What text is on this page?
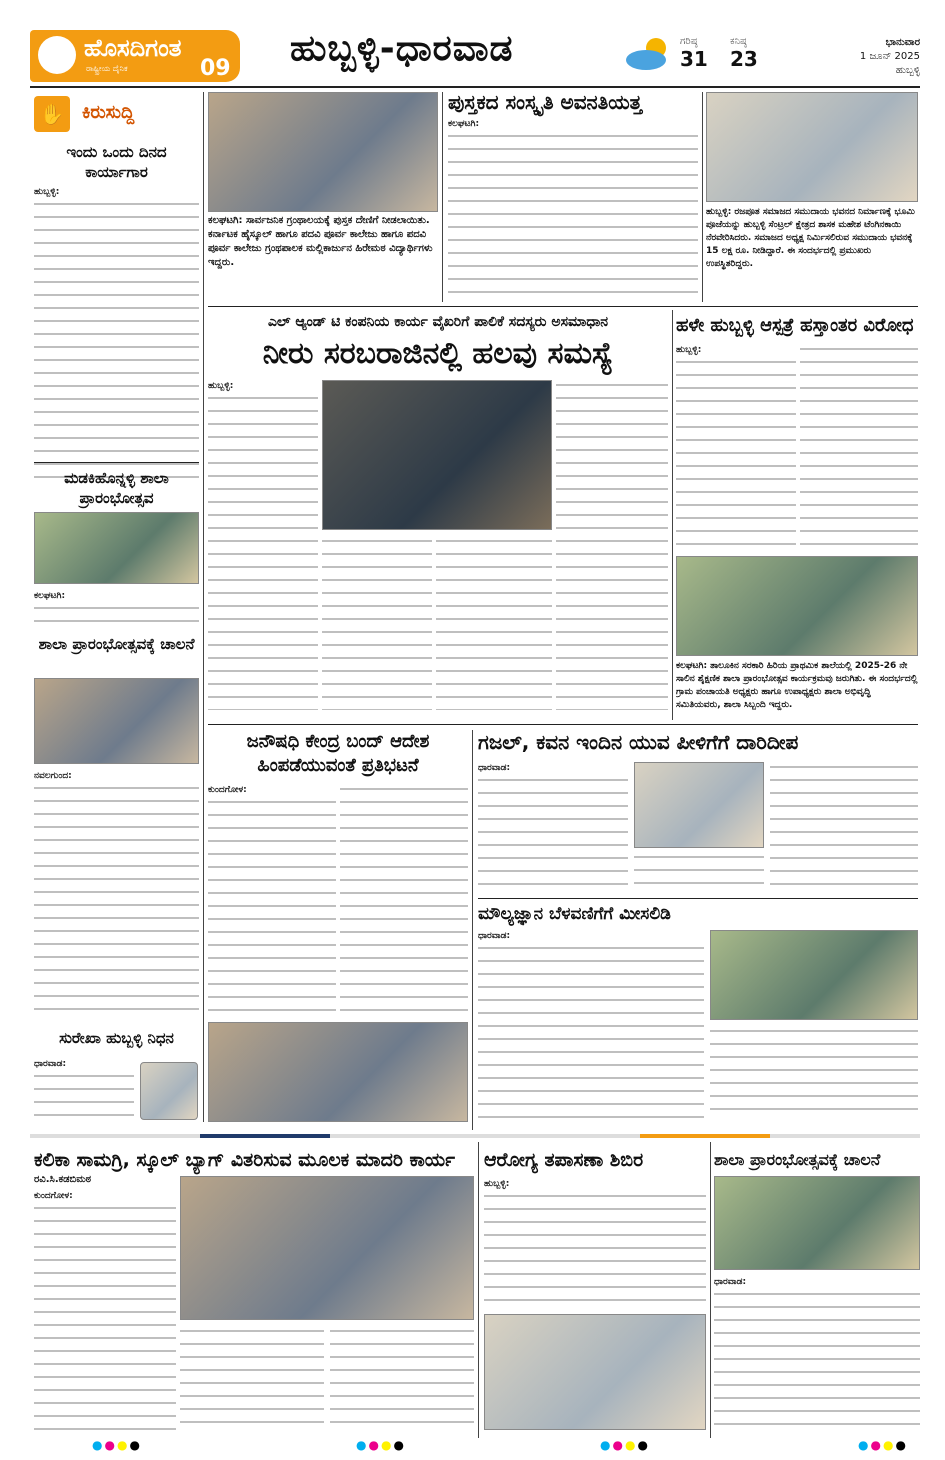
ಹೊಸದಿಗಂತ
ರಾಷ್ಟ್ರೀಯ ದೈನಿಕ	09 ಹುಬ್ಬಳ್ಳಿ-ಧಾರವಾಡ	ಗರಿಷ್ಠ
31
ಕನಿಷ್ಠ
23
ಭಾನುವಾರ
1 ಜೂನ್ 2025
ಹುಬ್ಬಳ್ಳಿ
✋ ಕಿರುಸುದ್ದಿ
ಇಂದು ಒಂದು ದಿನದ ಕಾರ್ಯಾಗಾರ
ಹುಬ್ಬಳ್ಳಿ:
ಮಡಕಿಹೊನ್ನಳ್ಳಿ ಶಾಲಾ ಪ್ರಾರಂಭೋತ್ಸವ
ಕಲಘಟಗಿ:
ಶಾಲಾ ಪ್ರಾರಂಭೋತ್ಸವಕ್ಕೆ ಚಾಲನೆ
ನವಲಗುಂದ:
ಸುರೇಖಾ ಹುಬ್ಬಳ್ಳಿ ನಿಧನ
ಧಾರವಾಡ:
ಕಲಘಟಗಿ: ಸಾರ್ವಜನಿಕ ಗ್ರಂಥಾಲಯಕ್ಕೆ ಪುಸ್ತಕ ದೇಣಿಗೆ ನೀಡಲಾಯಿತು. ಕರ್ನಾಟಕ ಹೈಸ್ಕೂಲ್ ಹಾಗೂ ಪದವಿ ಪೂರ್ವ ಕಾಲೇಜು ಹಾಗೂ ಪದವಿ ಪೂರ್ವ ಕಾಲೇಜು ಗ್ರಂಥಪಾಲಕ ಮಲ್ಲಿಕಾರ್ಜುನ ಹಿರೇಮಠ ವಿದ್ಯಾರ್ಥಿಗಳು ಇದ್ದರು.
ಪುಸ್ತಕದ ಸಂಸ್ಕೃತಿ ಅವನತಿಯತ್ತ
ಕಲಘಟಗಿ:
ಹುಬ್ಬಳ್ಳಿ: ರಜಪೂತ ಸಮಾಜದ ಸಮುದಾಯ ಭವನದ ನಿರ್ಮಾಣಕ್ಕೆ ಭೂಮಿ ಪೂಜೆಯನ್ನು ಹುಬ್ಬಳ್ಳಿ ಸೆಂಟ್ರಲ್ ಕ್ಷೇತ್ರದ ಶಾಸಕ ಮಹೇಶ ಟೆಂಗಿನಕಾಯಿ ನೆರವೇರಿಸಿದರು. ಸಮಾಜದ ಅಧ್ಯಕ್ಷ ನಿರ್ಮಿಸಲಿರುವ ಸಮುದಾಯ ಭವನಕ್ಕೆ 15 ಲಕ್ಷ ರೂ. ನೀಡಿದ್ದಾರೆ. ಈ ಸಂದರ್ಭದಲ್ಲಿ ಪ್ರಮುಖರು ಉಪಸ್ಥಿತರಿದ್ದರು.
ಎಲ್ ಆ್ಯಂಡ್ ಟಿ ಕಂಪನಿಯ ಕಾರ್ಯ ವೈಖರಿಗೆ ಪಾಲಿಕೆ ಸದಸ್ಯರು ಅಸಮಾಧಾನ
ನೀರು ಸರಬರಾಜಿನಲ್ಲಿ ಹಲವು ಸಮಸ್ಯೆ
ಹುಬ್ಬಳ್ಳಿ:
ಹಳೇ ಹುಬ್ಬಳ್ಳಿ ಆಸ್ಪತ್ರೆ ಹಸ್ತಾಂತರ ವಿರೋಧ
ಹುಬ್ಬಳ್ಳಿ:
ಕಲಘಟಗಿ: ತಾಲೂಕಿನ ಸರಕಾರಿ ಹಿರಿಯ ಪ್ರಾಥಮಿಕ ಶಾಲೆಯಲ್ಲಿ 2025-26 ನೇ ಸಾಲಿನ ಶೈಕ್ಷಣಿಕ ಶಾಲಾ ಪ್ರಾರಂಭೋತ್ಸವ ಕಾರ್ಯಕ್ರಮವು ಜರುಗಿತು. ಈ ಸಂದರ್ಭದಲ್ಲಿ ಗ್ರಾಮ ಪಂಚಾಯತಿ ಅಧ್ಯಕ್ಷರು ಹಾಗೂ ಉಪಾಧ್ಯಕ್ಷರು ಶಾಲಾ ಅಭಿವೃದ್ಧಿ ಸಮಿತಿಯವರು, ಶಾಲಾ ಸಿಬ್ಬಂದಿ ಇದ್ದರು.
ಜನೌಷಧಿ ಕೇಂದ್ರ ಬಂದ್ ಆದೇಶ ಹಿಂಪಡೆಯುವಂತೆ ಪ್ರತಿಭಟನೆ
ಕುಂದಗೋಳ:
ಗಜಲ್, ಕವನ ಇಂದಿನ ಯುವ ಪೀಳಿಗೆಗೆ ದಾರಿದೀಪ
ಧಾರವಾಡ:
ಮೌಲ್ಯಜ್ಞಾನ ಬೆಳವಣಿಗೆಗೆ ಮೀಸಲಿಡಿ
ಧಾರವಾಡ:
ಕಲಿಕಾ ಸಾಮಗ್ರಿ, ಸ್ಕೂಲ್ ಬ್ಯಾಗ್ ವಿತರಿಸುವ ಮೂಲಕ ಮಾದರಿ ಕಾರ್ಯ
ರವಿ.ಸಿ.ಕಡಬಿಮಠ
ಕುಂದಗೋಳ:
ಆರೋಗ್ಯ ತಪಾಸಣಾ ಶಿಬಿರ
ಹುಬ್ಬಳ್ಳಿ:
ಶಾಲಾ ಪ್ರಾರಂಭೋತ್ಸವಕ್ಕೆ ಚಾಲನೆ
ಧಾರವಾಡ:
●●●●	●●●●	●●●●	●●●●
